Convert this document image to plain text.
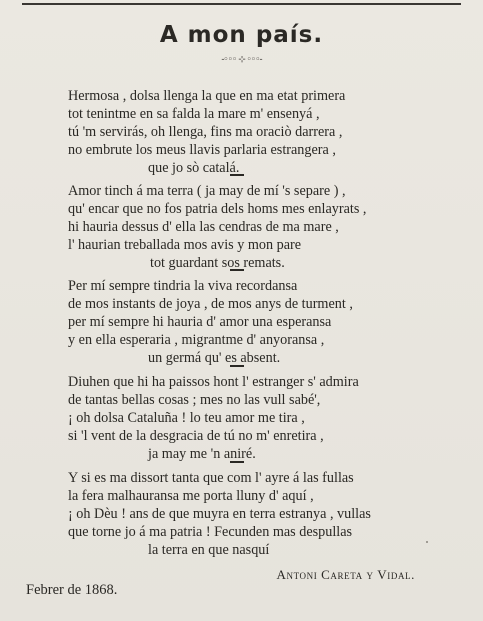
A mon país.
-◦◦◦ ⊹ ◦◦◦-
Hermosa , dolsa llenga la que en ma etat primera
tot tenintme en sa falda la mare m' ensenyá ,
tú 'm servirás, oh llenga, fins ma oraciò darrera ,
no embrute los meus llavis parlaria estrangera ,
que jo sò catalá.
Amor tinch á ma terra ( ja may de mí 's separe ) ,
qu' encar que no fos patria dels homs mes enlayrats ,
hi hauria dessus d' ella las cendras de ma mare ,
l' haurian treballada mos avis y mon pare
tot guardant sos remats.
Per mí sempre tindria la viva recordansa
de mos instants de joya , de mos anys de turment ,
per mí sempre hi hauria d' amor una esperansa
y en ella esperaria , migrantme d' anyoransa ,
un germá qu' es absent.
Diuhen que hi ha paissos hont l' estranger s' admira
de tantas bellas cosas ; mes no las vull sabé',
¡ oh dolsa Cataluña ! lo teu amor me tira ,
si 'l vent de la desgracia de tú no m' enretira ,
ja may me 'n aniré.
Y si es ma dissort tanta que com l' ayre á las fullas
la fera malhauransa me porta lluny d' aquí ,
¡ oh Dèu ! ans de que muyra en terra estranya , vullas
que torne jo á ma patria ! Fecunden mas despullas
la terra en que nasquí
Antoni Careta y Vidal.
Febrer de 1868.
